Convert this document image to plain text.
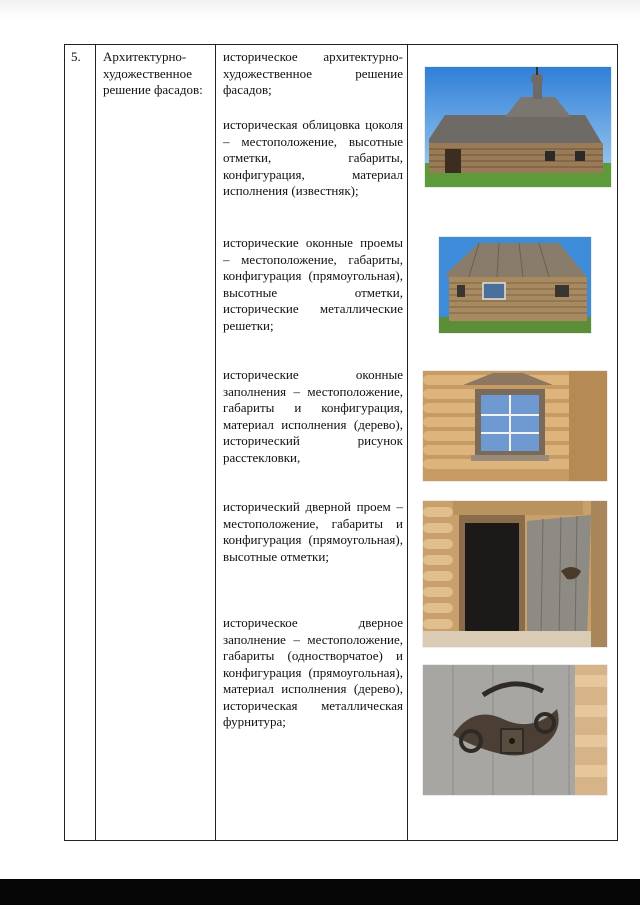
5.	Архитектурно-художественное решение фасадов:
историческое архитектурно-художественное решение фасадов;
историческая облицовка цоколя – местоположение, высотные отметки, габариты, конфигурация, материал исполнения (известняк);
исторические оконные проемы – местоположение, габариты, конфигурация (прямоугольная), высотные отметки, исторические металлические решетки;
исторические оконные заполнения – местоположение, габариты и конфигурация, материал исполнения (дерево), исторический рисунок расстекловки,
исторический дверной проем – местоположение, габариты и конфигурация (прямоугольная), высотные отметки;
историческое дверное заполнение – местоположение, габариты (одностворчатое) и конфигурация (прямоугольная), материал исполнения (дерево), историческая металлическая фурнитура;
